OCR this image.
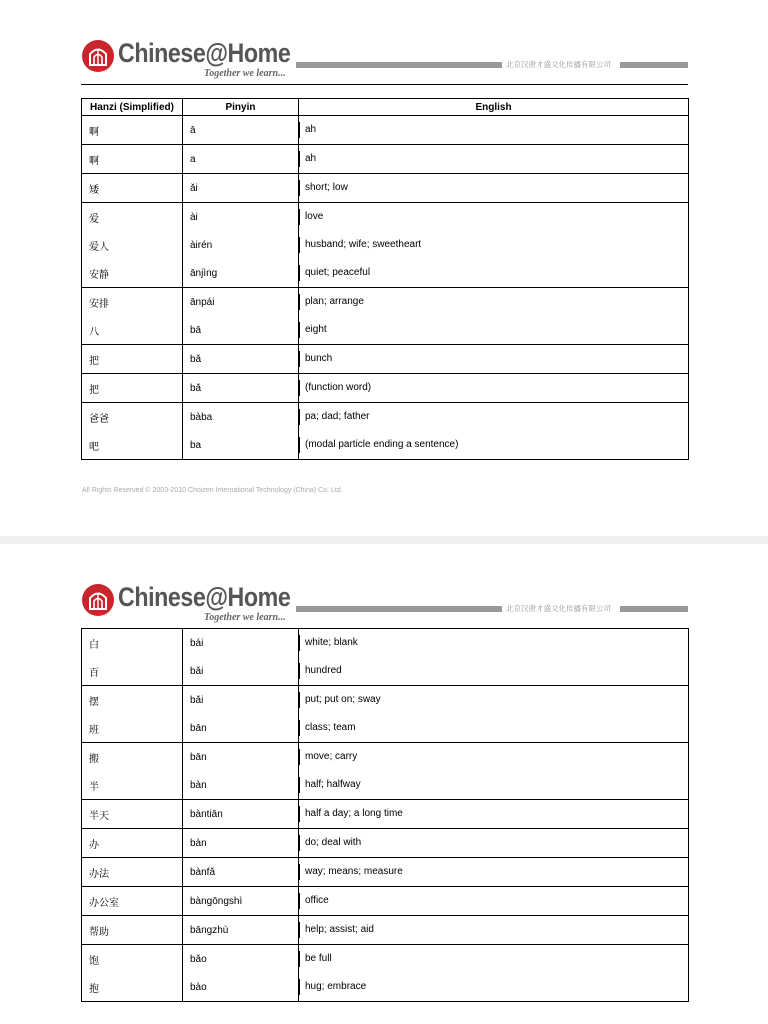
Chinese@Home
Together we learn...
北京汉唐才盛文化传播有限公司
Hanzi (Simplified)	Pinyin	English
啊	ā	ah
啊	a	ah
矮	ǎi	short; low
爱	ài	love
爱人	àirén	husband; wife; sweetheart
安静	ānjìng	quiet; peaceful
安排	ānpái	plan; arrange
八	bā	eight
把	bǎ	bunch
把	bǎ	(function word)
爸爸	bàba	pa; dad; father
吧	ba	(modal particle ending a sentence)
All Rights Reserved © 2003-2010 Choizen International Technology (China) Co. Ltd.
Chinese@Home
Together we learn...
北京汉唐才盛文化传播有限公司
白	bái	white; blank
百	bǎi	hundred
摆	bǎi	put; put on; sway
班	bān	class; team
搬	bān	move; carry
半	bàn	half; halfway
半天	bàntiān	half a day; a long time
办	bàn	do; deal with
办法	bànfǎ	way; means; measure
办公室	bàngōngshì	office
帮助	bāngzhù	help; assist; aid
饱	bǎo	be full
抱	bào	hug; embrace
